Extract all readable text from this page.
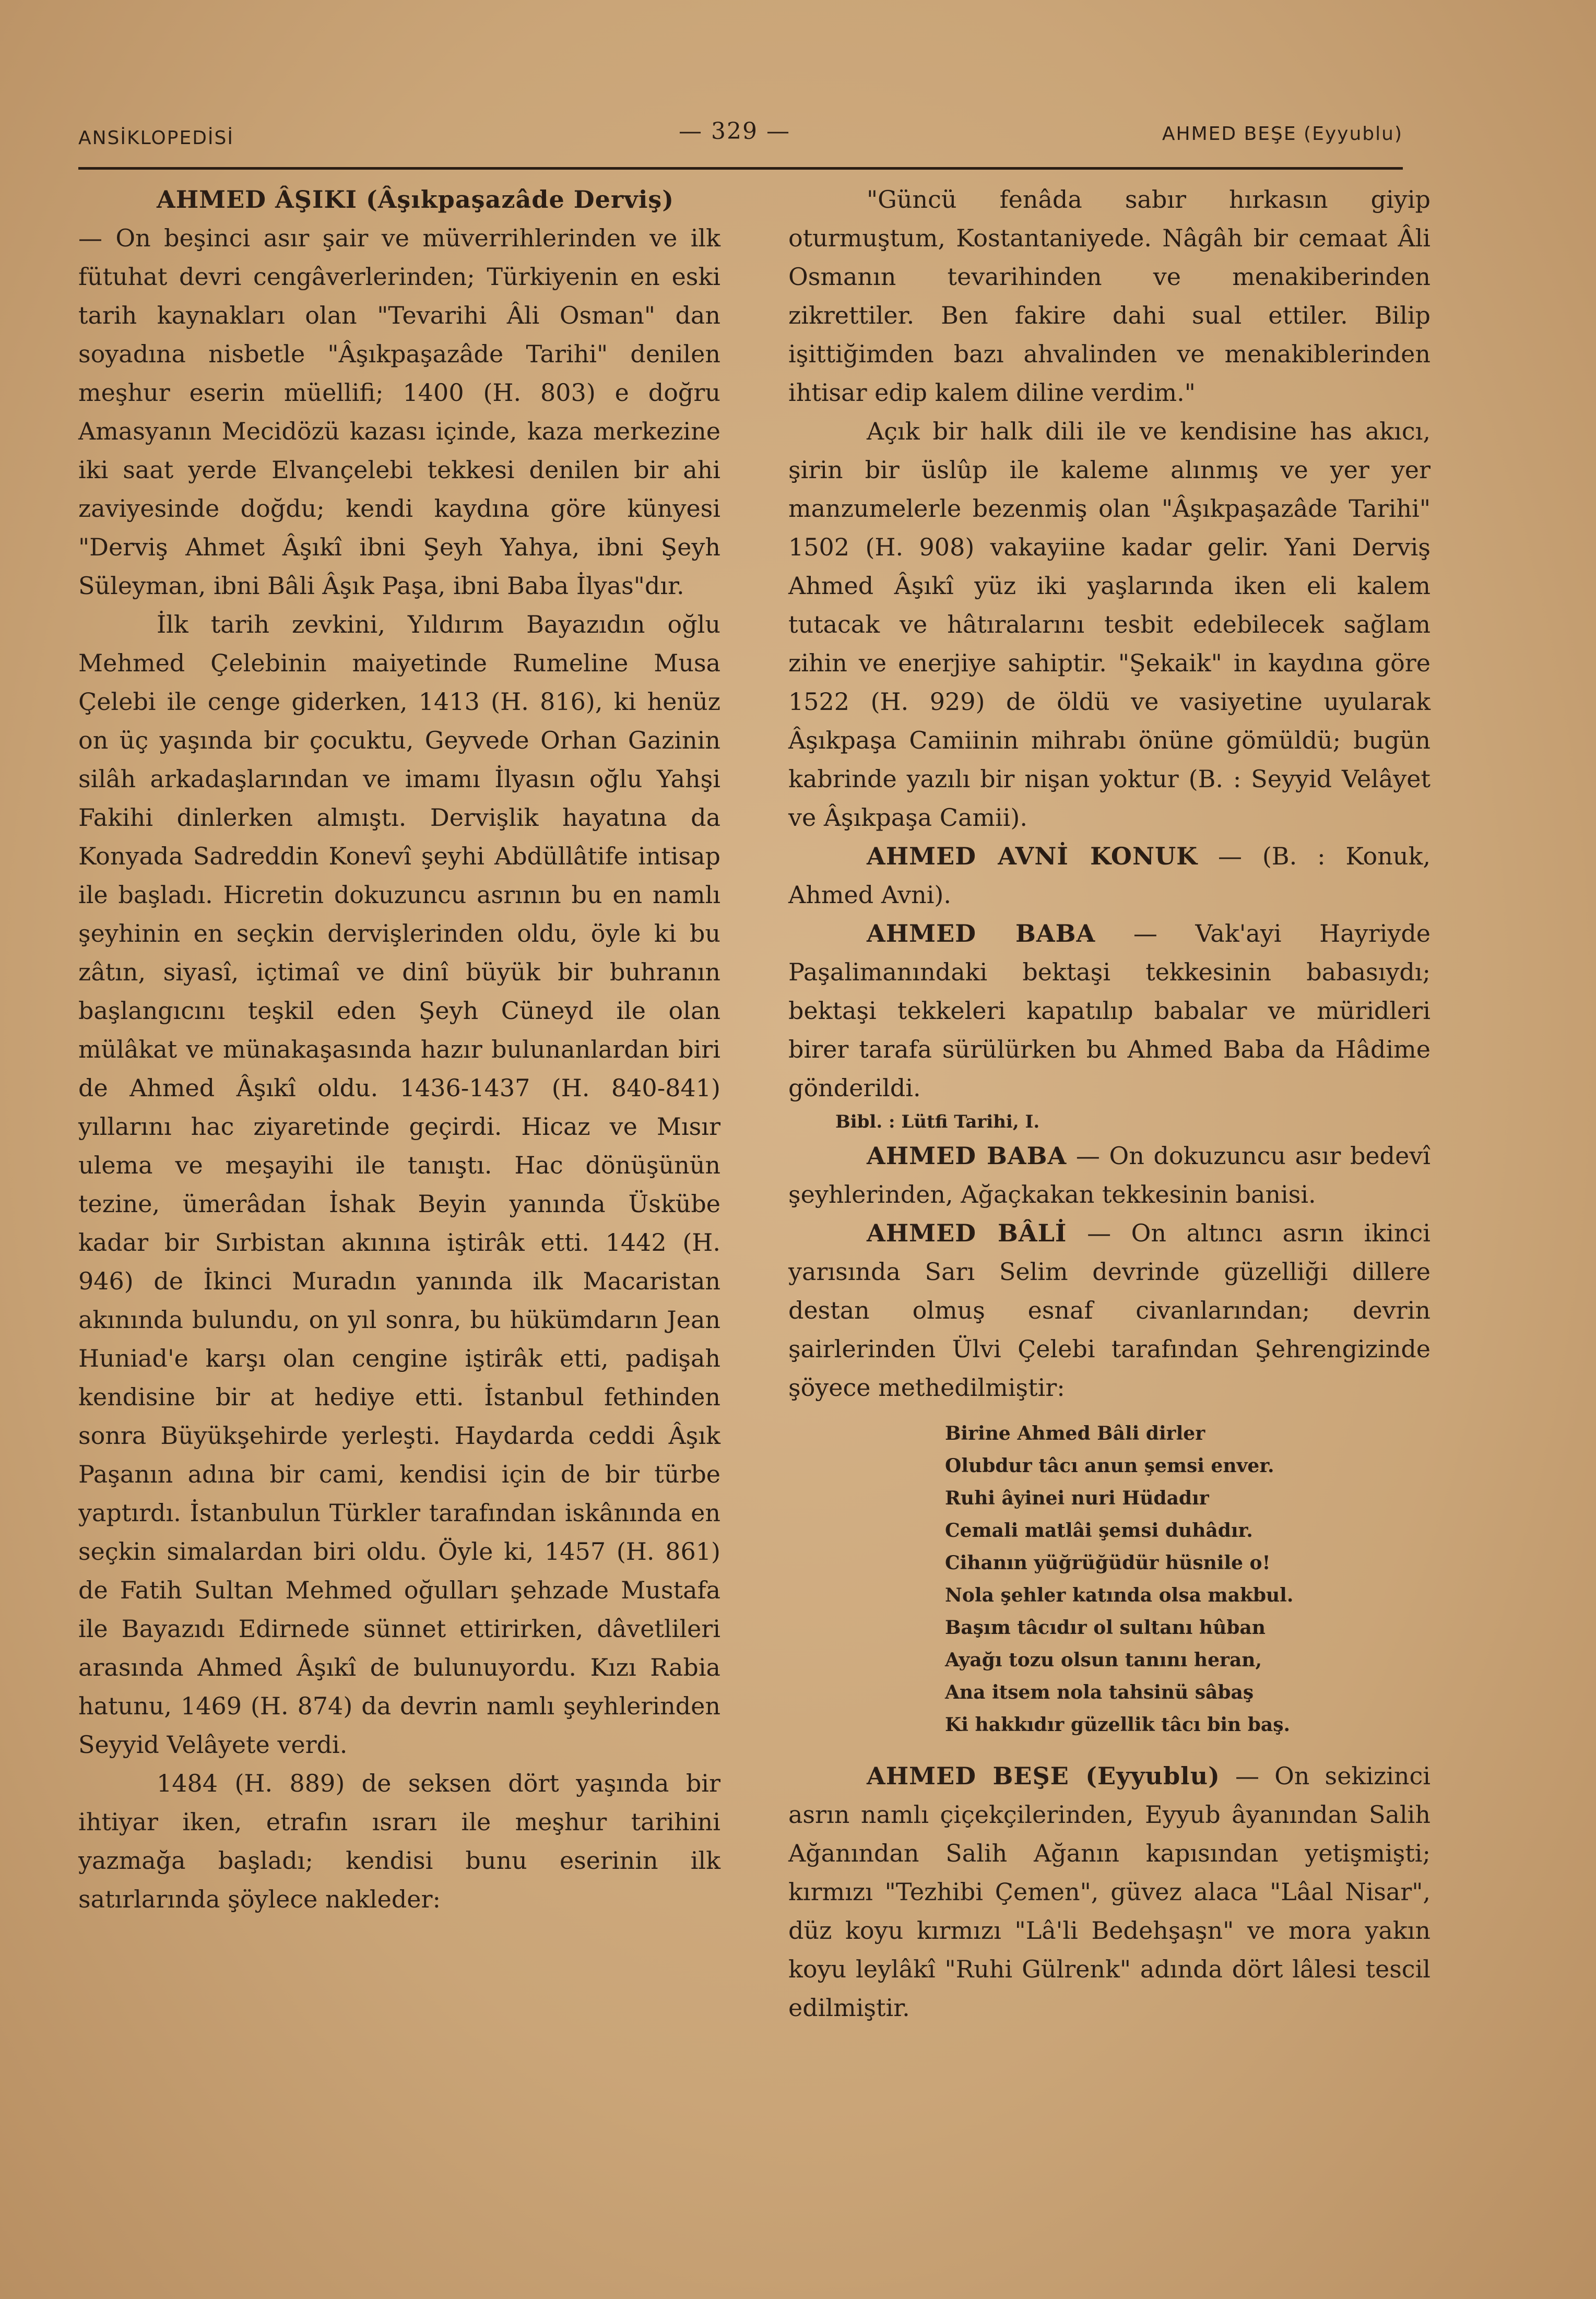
ANSİKLOPEDİSİ	— 329 —	AHMED BEŞE (Eyyublu)

AHMED ÂŞIKI (Âşıkpaşazâde Derviş)

— On beşinci asır şair ve müverrihlerinden ve ilk fütuhat devri cengâverlerinden; Türkiyenin en eski tarih kaynakları olan "Tevarihi Âli Osman" dan soyadına nisbetle "Âşıkpaşazâde Tarihi" denilen meşhur eserin müellifi; 1400 (H. 803) e doğru Amasyanın Mecidözü kazası içinde, kaza merkezine iki saat yerde Elvançelebi tekkesi denilen bir ahi zaviyesinde doğdu; kendi kaydına göre künyesi "Derviş Ahmet Âşıkî ibni Şeyh Yahya, ibni Şeyh Süleyman, ibni Bâli Âşık Paşa, ibni Baba İlyas"dır.

İlk tarih zevkini, Yıldırım Bayazıdın oğlu Mehmed Çelebinin maiyetinde Rumeline Musa Çelebi ile cenge giderken, 1413 (H. 816), ki henüz on üç yaşında bir çocuktu, Geyvede Orhan Gazinin silâh arkadaşlarından ve imamı İlyasın oğlu Yahşi Fakihi dinlerken almıştı. Dervişlik hayatına da Konyada Sadreddin Konevî şeyhi Abdüllâtife intisap ile başladı. Hicretin dokuzuncu asrının bu en namlı şeyhinin en seçkin dervişlerinden oldu, öyle ki bu zâtın, siyasî, içtimaî ve dinî büyük bir buhranın başlangıcını teşkil eden Şeyh Cüneyd ile olan mülâkat ve münakaşasında hazır bulunanlardan biri de Ahmed Âşıkî oldu. 1436-1437 (H. 840-841) yıllarını hac ziyaretinde geçirdi. Hicaz ve Mısır ulema ve meşayihi ile tanıştı. Hac dönüşünün tezine, ümerâdan İshak Beyin yanında Üskübe kadar bir Sırbistan akınına iştirâk etti. 1442 (H. 946) de İkinci Muradın yanında ilk Macaristan akınında bulundu, on yıl sonra, bu hükümdarın Jean Huniad'e karşı olan cengine iştirâk etti, padişah kendisine bir at hediye etti. İstanbul fethinden sonra Büyükşehirde yerleşti. Haydarda ceddi Âşık Paşanın adına bir cami, kendisi için de bir türbe yaptırdı. İstanbulun Türkler tarafından iskânında en seçkin simalardan biri oldu. Öyle ki, 1457 (H. 861) de Fatih Sultan Mehmed oğulları şehzade Mustafa ile Bayazıdı Edirnede sünnet ettirirken, dâvetlileri arasında Ahmed Âşıkî de bulunuyordu. Kızı Rabia hatunu, 1469 (H. 874) da devrin namlı şeyhlerinden Seyyid Velâyete verdi.

1484 (H. 889) de seksen dört yaşında bir ihtiyar iken, etrafın ısrarı ile meşhur tarihini yazmağa başladı; kendisi bunu eserinin ilk satırlarında şöylece nakleder:

"Güncü fenâda sabır hırkasın giyip oturmuştum, Kostantaniyede. Nâgâh bir cemaat Âli Osmanın tevarihinden ve menakiberinden zikrettiler. Ben fakire dahi sual ettiler. Bilip işittiğimden bazı ahvalinden ve menakiblerinden ihtisar edip kalem diline verdim."

Açık bir halk dili ile ve kendisine has akıcı, şirin bir üslûp ile kaleme alınmış ve yer yer manzumelerle bezenmiş olan "Âşıkpaşazâde Tarihi" 1502 (H. 908) vakayiine kadar gelir. Yani Derviş Ahmed Âşıkî yüz iki yaşlarında iken eli kalem tutacak ve hâtıralarını tesbit edebilecek sağlam zihin ve enerjiye sahiptir. "Şekaik" in kaydına göre 1522 (H. 929) de öldü ve vasiyetine uyularak Âşıkpaşa Camiinin mihrabı önüne gömüldü; bugün kabrinde yazılı bir nişan yoktur (B. : Seyyid Velâyet ve Âşıkpaşa Camii).

AHMED AVNİ KONUK — (B. : Konuk, Ahmed Avni).

AHMED BABA — Vak'ayi Hayriyde Paşalimanındaki bektaşi tekkesinin babasıydı; bektaşi tekkeleri kapatılıp babalar ve müridleri birer tarafa sürülürken bu Ahmed Baba da Hâdime gönderildi.

Bibl. : Lütfi Tarihi, I.

AHMED BABA — On dokuzuncu asır bedevî şeyhlerinden, Ağaçkakan tekkesinin banisi.

AHMED BÂLİ — On altıncı asrın ikinci yarısında Sarı Selim devrinde güzelliği dillere destan olmuş esnaf civanlarından; devrin şairlerinden Ülvi Çelebi tarafından Şehrengizinde şöyece methedilmiştir:

Birine Ahmed Bâli dirler
Olubdur tâcı anun şemsi enver.
Ruhi âyinei nuri Hüdadır
Cemali matlâi şemsi duhâdır.
Cihanın yüğrüğüdür hüsnile o!
Nola şehler katında olsa makbul.
Başım tâcıdır ol sultanı hûban
Ayağı tozu olsun tanını heran,
Ana itsem nola tahsinü sâbaş
Ki hakkıdır güzellik tâcı bin baş.

AHMED BEŞE (Eyyublu) — On sekizinci asrın namlı çiçekçilerinden, Eyyub âyanından Salih Ağanından Salih Ağanın kapısından yetişmişti; kırmızı "Tezhibi Çemen", güvez alaca "Lâal Nisar", düz koyu kırmızı "Lâ'li Bedehşaşn" ve mora yakın koyu leylâkî "Ruhi Gülrenk" adında dört lâlesi tescil edilmiştir.
